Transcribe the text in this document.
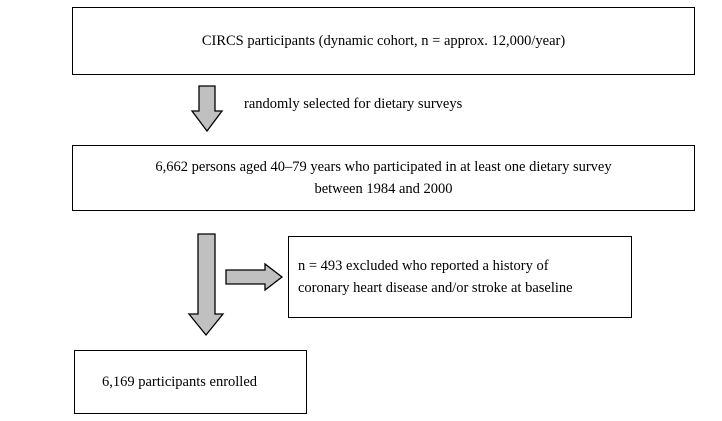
CIRCS participants (dynamic cohort, n = approx. 12,000/year)
randomly selected for dietary surveys
6,662 persons aged 40–79 years who participated in at least one dietary survey
between 1984 and 2000
n = 493 excluded who reported a history of
coronary heart disease and/or stroke at baseline
6,169 participants enrolled
